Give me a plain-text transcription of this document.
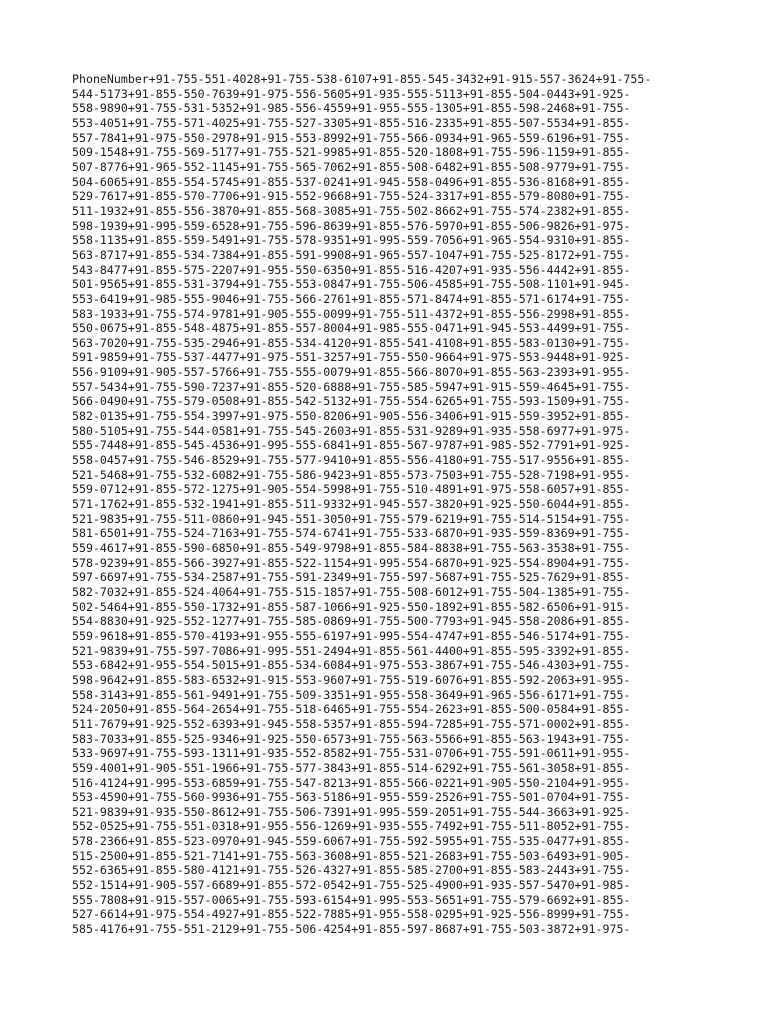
PhoneNumber+91-755-551-4028+91-755-538-6107+91-855-545-3432+91-915-557-3624+91-755-
544-5173+91-855-550-7639+91-975-556-5605+91-935-555-5113+91-855-504-0443+91-925-
558-9890+91-755-531-5352+91-985-556-4559+91-955-555-1305+91-855-598-2468+91-755-
553-4051+91-755-571-4025+91-755-527-3305+91-855-516-2335+91-855-507-5534+91-855-
557-7841+91-975-550-2978+91-915-553-8992+91-755-566-0934+91-965-559-6196+91-755-
509-1548+91-755-569-5177+91-755-521-9985+91-855-520-1808+91-755-596-1159+91-855-
507-8776+91-965-552-1145+91-755-565-7062+91-855-508-6482+91-855-508-9779+91-755-
504-6065+91-855-554-5745+91-855-537-0241+91-945-558-0496+91-855-536-8168+91-855-
529-7617+91-855-570-7706+91-915-552-9668+91-755-524-3317+91-855-579-8080+91-755-
511-1932+91-855-556-3870+91-855-568-3085+91-755-502-8662+91-755-574-2382+91-855-
598-1939+91-995-559-6528+91-755-596-8639+91-855-576-5970+91-855-506-9826+91-975-
558-1135+91-855-559-5491+91-755-578-9351+91-995-559-7056+91-965-554-9310+91-855-
563-8717+91-855-534-7384+91-855-591-9908+91-965-557-1047+91-755-525-8172+91-755-
543-8477+91-855-575-2207+91-955-550-6350+91-855-516-4207+91-935-556-4442+91-855-
501-9565+91-855-531-3794+91-755-553-0847+91-755-506-4585+91-755-508-1101+91-945-
553-6419+91-985-555-9046+91-755-566-2761+91-855-571-8474+91-855-571-6174+91-755-
583-1933+91-755-574-9781+91-905-555-0099+91-755-511-4372+91-855-556-2998+91-855-
550-0675+91-855-548-4875+91-855-557-8004+91-985-555-0471+91-945-553-4499+91-755-
563-7020+91-755-535-2946+91-855-534-4120+91-855-541-4108+91-855-583-0130+91-755-
591-9859+91-755-537-4477+91-975-551-3257+91-755-550-9664+91-975-553-9448+91-925-
556-9109+91-905-557-5766+91-755-555-0079+91-855-566-8070+91-855-563-2393+91-955-
557-5434+91-755-590-7237+91-855-520-6888+91-755-585-5947+91-915-559-4645+91-755-
566-0490+91-755-579-0508+91-855-542-5132+91-755-554-6265+91-755-593-1509+91-755-
582-0135+91-755-554-3997+91-975-550-8206+91-905-556-3406+91-915-559-3952+91-855-
580-5105+91-755-544-0581+91-755-545-2603+91-855-531-9289+91-935-558-6977+91-975-
555-7448+91-855-545-4536+91-995-555-6841+91-855-567-9787+91-985-552-7791+91-925-
558-0457+91-755-546-8529+91-755-577-9410+91-855-556-4180+91-755-517-9556+91-855-
521-5468+91-755-532-6082+91-755-586-9423+91-855-573-7503+91-755-528-7198+91-955-
559-0712+91-855-572-1275+91-905-554-5998+91-755-510-4891+91-975-558-6057+91-855-
571-1762+91-855-532-1941+91-855-511-9332+91-945-557-3820+91-925-550-6044+91-855-
521-9835+91-755-511-0860+91-945-551-3050+91-755-579-6219+91-755-514-5154+91-755-
581-6501+91-755-524-7163+91-755-574-6741+91-755-533-6870+91-935-559-8369+91-755-
559-4617+91-855-590-6850+91-855-549-9798+91-855-584-8838+91-755-563-3538+91-755-
578-9239+91-855-566-3927+91-855-522-1154+91-995-554-6870+91-925-554-8904+91-755-
597-6697+91-755-534-2587+91-755-591-2349+91-755-597-5687+91-755-525-7629+91-855-
582-7032+91-855-524-4064+91-755-515-1857+91-755-508-6012+91-755-504-1385+91-755-
502-5464+91-855-550-1732+91-855-587-1066+91-925-550-1892+91-855-582-6506+91-915-
554-8830+91-925-552-1277+91-755-585-0869+91-755-500-7793+91-945-558-2086+91-855-
559-9618+91-855-570-4193+91-955-555-6197+91-995-554-4747+91-855-546-5174+91-755-
521-9839+91-755-597-7086+91-995-551-2494+91-855-561-4400+91-855-595-3392+91-855-
553-6842+91-955-554-5015+91-855-534-6084+91-975-553-3867+91-755-546-4303+91-755-
598-9642+91-855-583-6532+91-915-553-9607+91-755-519-6076+91-855-592-2063+91-955-
558-3143+91-855-561-9491+91-755-509-3351+91-955-558-3649+91-965-556-6171+91-755-
524-2050+91-855-564-2654+91-755-518-6465+91-755-554-2623+91-855-500-0584+91-855-
511-7679+91-925-552-6393+91-945-558-5357+91-855-594-7285+91-755-571-0002+91-855-
583-7033+91-855-525-9346+91-925-550-6573+91-755-563-5566+91-855-563-1943+91-755-
533-9697+91-755-593-1311+91-935-552-8582+91-755-531-0706+91-755-591-0611+91-955-
559-4001+91-905-551-1966+91-755-577-3843+91-855-514-6292+91-755-561-3058+91-855-
516-4124+91-995-553-6859+91-755-547-8213+91-855-566-0221+91-905-550-2104+91-955-
553-4590+91-755-560-9936+91-755-563-5186+91-955-559-2526+91-755-501-0704+91-755-
521-9839+91-935-550-8612+91-755-506-7391+91-995-559-2051+91-755-544-3663+91-925-
552-0525+91-755-551-0318+91-955-556-1269+91-935-555-7492+91-755-511-8052+91-755-
578-2366+91-855-523-0970+91-945-559-6067+91-755-592-5955+91-755-535-0477+91-855-
515-2500+91-855-521-7141+91-755-563-3608+91-855-521-2683+91-755-503-6493+91-905-
552-6365+91-855-580-4121+91-755-526-4327+91-855-585-2700+91-855-583-2443+91-755-
552-1514+91-905-557-6689+91-855-572-0542+91-755-525-4900+91-935-557-5470+91-985-
555-7808+91-915-557-0065+91-755-593-6154+91-995-553-5651+91-755-579-6692+91-855-
527-6614+91-975-554-4927+91-855-522-7885+91-955-558-0295+91-925-556-8999+91-755-
585-4176+91-755-551-2129+91-755-506-4254+91-855-597-8687+91-755-503-3872+91-975-
